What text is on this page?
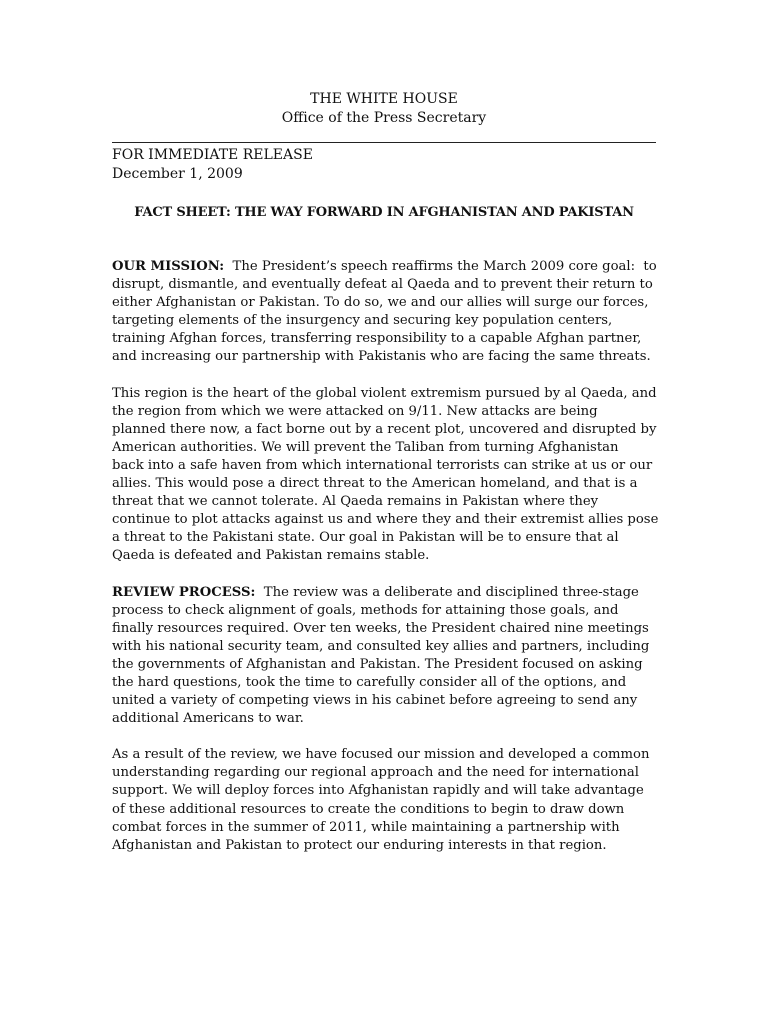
THE WHITE HOUSE
Office of the Press Secretary
FOR IMMEDIATE RELEASE
December 1, 2009
FACT SHEET: THE WAY FORWARD IN AFGHANISTAN AND PAKISTAN
OUR MISSION:  The President’s speech reaffirms the March 2009 core goal:  to
disrupt, dismantle, and eventually defeat al Qaeda and to prevent their return to
either Afghanistan or Pakistan. To do so, we and our allies will surge our forces,
targeting elements of the insurgency and securing key population centers,
training Afghan forces, transferring responsibility to a capable Afghan partner,
and increasing our partnership with Pakistanis who are facing the same threats.
This region is the heart of the global violent extremism pursued by al Qaeda, and
the region from which we were attacked on 9/11. New attacks are being
planned there now, a fact borne out by a recent plot, uncovered and disrupted by
American authorities. We will prevent the Taliban from turning Afghanistan
back into a safe haven from which international terrorists can strike at us or our
allies. This would pose a direct threat to the American homeland, and that is a
threat that we cannot tolerate. Al Qaeda remains in Pakistan where they
continue to plot attacks against us and where they and their extremist allies pose
a threat to the Pakistani state. Our goal in Pakistan will be to ensure that al
Qaeda is defeated and Pakistan remains stable.
REVIEW PROCESS:  The review was a deliberate and disciplined three-stage
process to check alignment of goals, methods for attaining those goals, and
finally resources required. Over ten weeks, the President chaired nine meetings
with his national security team, and consulted key allies and partners, including
the governments of Afghanistan and Pakistan. The President focused on asking
the hard questions, took the time to carefully consider all of the options, and
united a variety of competing views in his cabinet before agreeing to send any
additional Americans to war.
As a result of the review, we have focused our mission and developed a common
understanding regarding our regional approach and the need for international
support. We will deploy forces into Afghanistan rapidly and will take advantage
of these additional resources to create the conditions to begin to draw down
combat forces in the summer of 2011, while maintaining a partnership with
Afghanistan and Pakistan to protect our enduring interests in that region.
